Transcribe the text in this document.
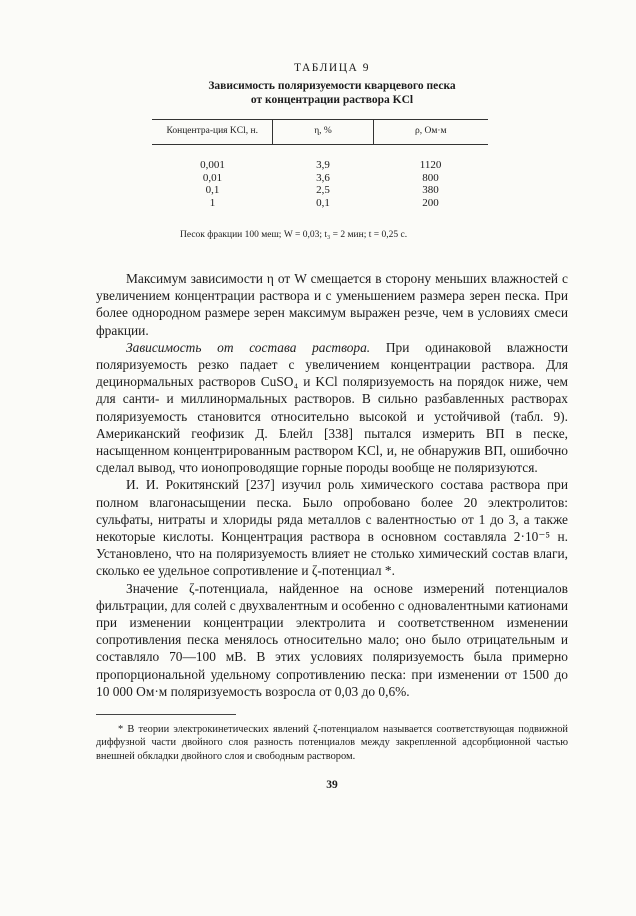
ТАБЛИЦА 9
Зависимость поляризуемости кварцевого песка
от концентрации раствора KCl
Концентра-ция KCl, н.	η, %	ρ, Ом·м
0,001	3,9	1120
0,01	3,6	800
0,1	2,5	380
1	0,1	200
Песок фракции 100 меш; W = 0,03; t₃ = 2 мин; t = 0,25 с.

Максимум зависимости η от W смещается в сторону меньших влажностей с увеличением концентрации раствора и с уменьшением размера зерен песка. При более однородном размере зерен максимум выражен резче, чем в условиях смеси фракции.

Зависимость от состава раствора. При одинаковой влажности поляризуемость резко падает с увеличением концентрации раствора. Для децинормальных растворов CuSO₄ и KCl поляризуемость на порядок ниже, чем для санти- и миллинормальных растворов. В сильно разбавленных растворах поляризуемость становится относительно высокой и устойчивой (табл. 9). Американский геофизик Д. Блейл [338] пытался измерить ВП в песке, насыщенном концентрированным раствором KCl, и, не обнаружив ВП, ошибочно сделал вывод, что ионопроводящие горные породы вообще не поляризуются.

И. И. Рокитянский [237] изучил роль химического состава раствора при полном влагонасыщении песка. Было опробовано более 20 электролитов: сульфаты, нитраты и хлориды ряда металлов с валентностью от 1 до 3, а также некоторые кислоты. Концентрация раствора в основном составляла 2·10⁻⁵ н. Установлено, что на поляризуемость влияет не столько химический состав влаги, сколько ее удельное сопротивление и ζ-потенциал *.

Значение ζ-потенциала, найденное на основе измерений потенциалов фильтрации, для солей с двухвалентным и особенно с одновалентными катионами при изменении концентрации электролита и соответственном изменении сопротивления песка менялось относительно мало; оно было отрицательным и составляло 70—100 мВ. В этих условиях поляризуемость была примерно пропорциональной удельному сопротивлению песка: при изменении от 1500 до 10 000 Ом·м поляризуемость возросла от 0,03 до 0,6%.

* В теории электрокинетических явлений ζ-потенциалом называется соответствующая подвижной диффузной части двойного слоя разность потенциалов между закрепленной адсорбционной частью внешней обкладки двойного слоя и свободным раствором.

39
